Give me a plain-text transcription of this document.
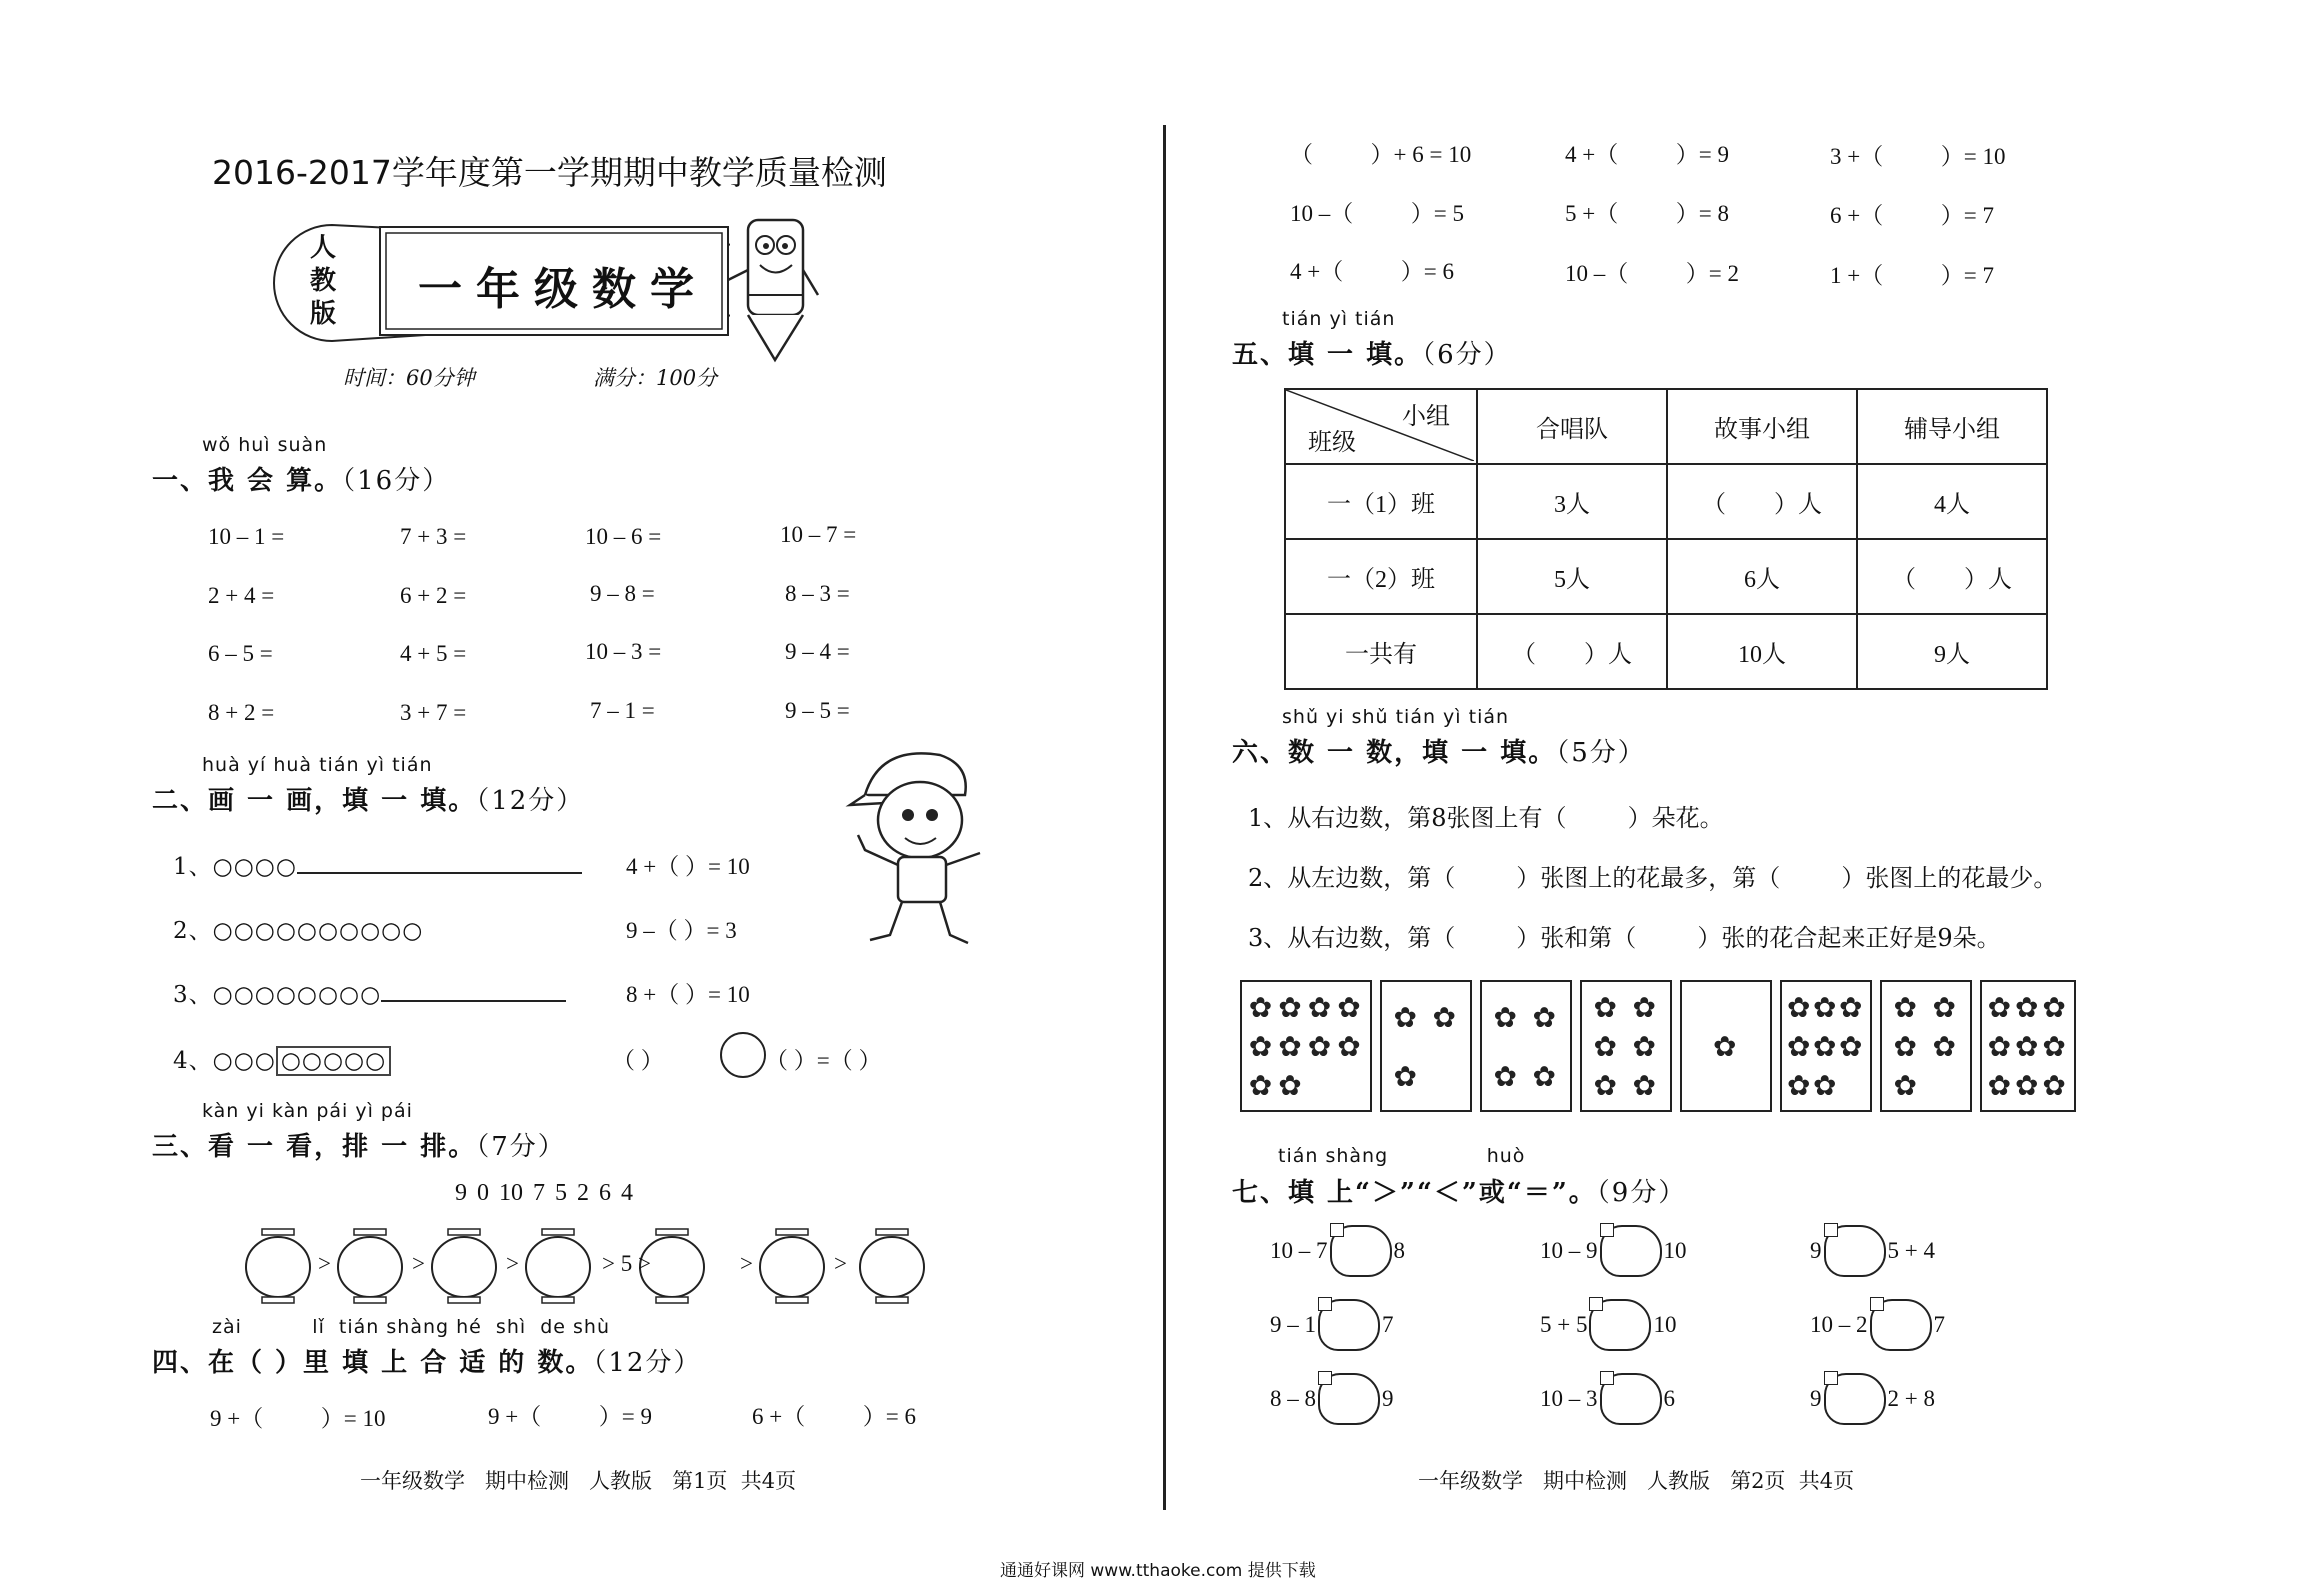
2016-2017学年度第一学期期中教学质量检测
人
教
版 一年级数学
时间：60分钟	满分：100分
wǒ huì suàn
一、我 会 算。（16分）
10 – 1 =	7 + 3 =	10 – 6 =	10 – 7 =
2 + 4 =	6 + 2 =	9 – 8 =	8 – 3 =
6 – 5 =	4 + 5 =	10 – 3 =	9 – 4 =
8 + 2 =	3 + 7 =	7 – 1 =	9 – 5 =
huà yí huà tián yì tián
二、画 一 画，填 一 填。（12分）
1、○○○○	4 +（ ）= 10
2、○○○○○○○○○○	9 –（ ）= 3
3、○○○○○○○○	8 +（ ）= 10
4、○○○ ○○○○○	（ ）	（ ）=（ ）
kàn yi kàn pái yì pái
三、看 一 看，排 一 排。（7分）
9 0 10 7 5 2 6 4
>	>	>	> 5 >	>	>
zài          lǐ  tián shàng hé  shì  de shù
四、在（ ）里 填 上 合 适 的 数。（12分）
9 +（          ）= 10	9 +（          ）= 9	6 +（          ）= 6
一年级数学   期中检测   人教版   第1页  共4页
（          ）+ 6 = 10	4 +（          ）= 9	3 +（          ）= 10
10 –（          ）= 5	5 +（          ）= 8	6 +（          ）= 7
4 +（          ）= 6	10 –（          ）= 2	1 +（          ）= 7
tián yì tián
五、填 一 填。（6分）
小组
班级	合唱队	故事小组	辅导小组
一（1）班	3人	（        ）人	4人
一（2）班	5人	6人	（        ）人
一共有	（        ）人	10人	9人
shǔ yi shǔ tián yì tián
六、数 一 数，填 一 填。（5分）
1、从右边数，第8张图上有（        ）朵花。
2、从左边数，第（        ）张图上的花最多，第（        ）张图上的花最少。
3、从右边数，第（        ）张和第（        ）张的花合起来正好是9朵。
✿ ✿ ✿ ✿
✿ ✿ ✿ ✿
✿ ✿
✿ ✿
✿
✿ ✿
✿ ✿
✿ ✿
✿ ✿
✿ ✿
✿
✿ ✿ ✿
✿ ✿ ✿
✿ ✿
✿ ✿
✿ ✿
✿
✿ ✿ ✿
✿ ✿ ✿
✿ ✿ ✿
tián shàng              huò
七、填 上“＞”“＜”或“＝”。（9分）
10 – 7	8	10 – 9	10	9	5 + 4
9 – 1	7	5 + 5	10	10 – 2	7
8 – 8	9	10 – 3	6	9	2 + 8
一年级数学   期中检测   人教版   第2页  共4页
通通好课网 www.tthaoke.com 提供下载
